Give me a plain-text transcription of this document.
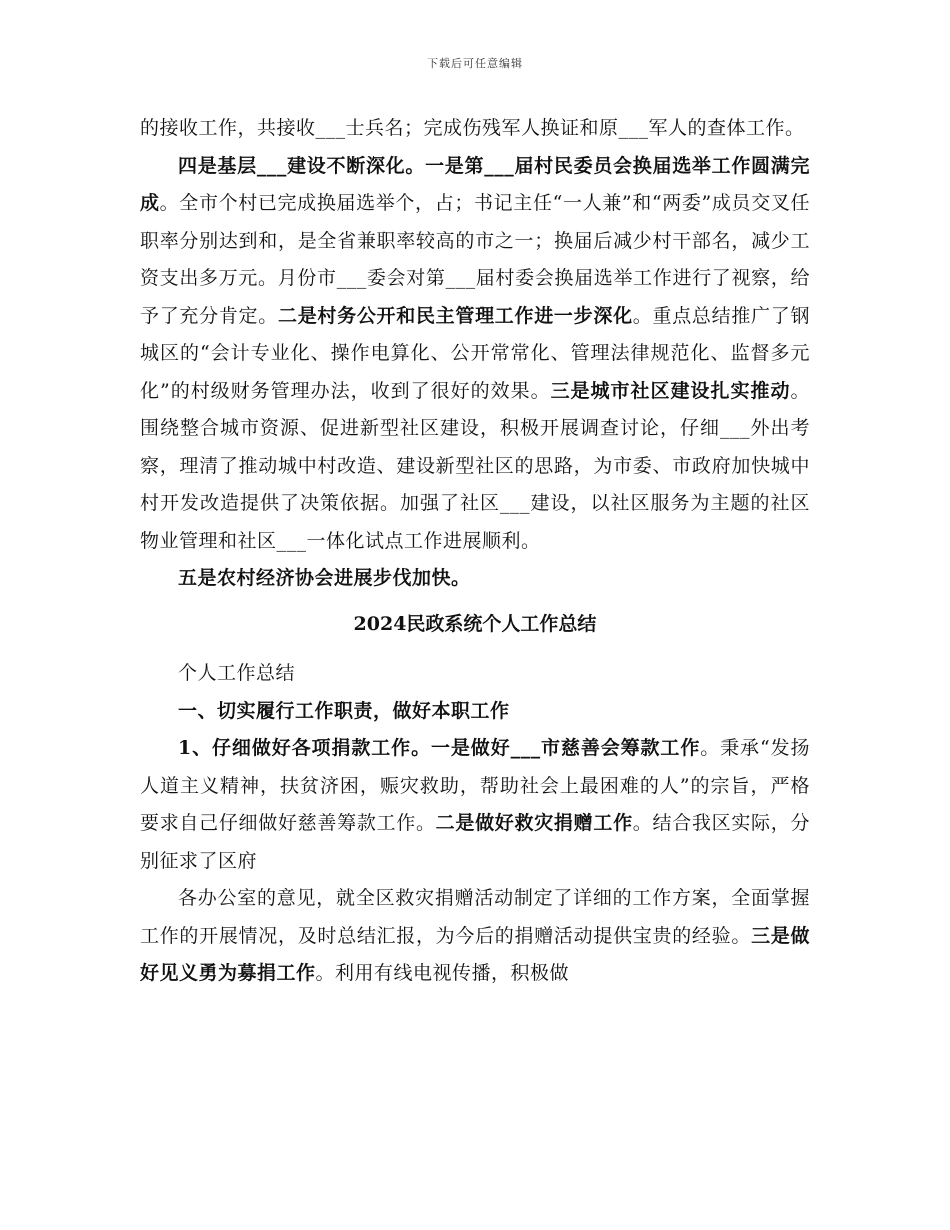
下载后可任意编辑

的接收工作，共接收___士兵名；完成伤残军人换证和原___军人的查体工作。

四是基层___建设不断深化。一是第___届村民委员会换届选举工作圆满完成。全市个村已完成换届选举个，占；书记主任“一人兼”和“两委”成员交叉任职率分别达到和，是全省兼职率较高的市之一；换届后减少村干部名，减少工资支出多万元。月份市___委会对第___届村委会换届选举工作进行了视察，给予了充分肯定。二是村务公开和民主管理工作进一步深化。重点总结推广了钢城区的“会计专业化、操作电算化、公开常常化、管理法律规范化、监督多元化”的村级财务管理办法，收到了很好的效果。三是城市社区建设扎实推动。围绕整合城市资源、促进新型社区建设，积极开展调查讨论，仔细___外出考察，理清了推动城中村改造、建设新型社区的思路，为市委、市政府加快城中村开发改造提供了决策依据。加强了社区___建设，以社区服务为主题的社区物业管理和社区___一体化试点工作进展顺利。

五是农村经济协会进展步伐加快。

2024民政系统个人工作总结

个人工作总结

一、切实履行工作职责，做好本职工作

1、仔细做好各项捐款工作。一是做好___市慈善会筹款工作。秉承“发扬人道主义精神，扶贫济困，赈灾救助，帮助社会上最困难的人”的宗旨，严格要求自己仔细做好慈善筹款工作。二是做好救灾捐赠工作。结合我区实际，分别征求了区府

各办公室的意见，就全区救灾捐赠活动制定了详细的工作方案，全面掌握工作的开展情况，及时总结汇报，为今后的捐赠活动提供宝贵的经验。三是做好见义勇为募捐工作。利用有线电视传播，积极做
